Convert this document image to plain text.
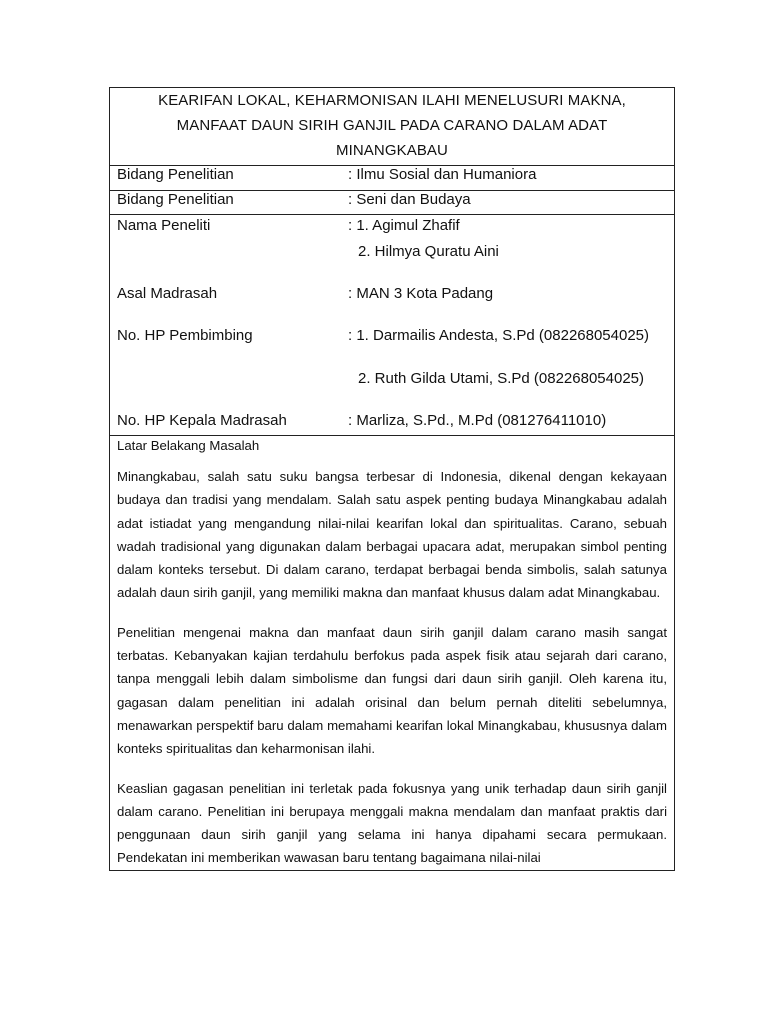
KEARIFAN LOKAL, KEHARMONISAN ILAHI MENELUSURI MAKNA,
MANFAAT DAUN SIRIH GANJIL PADA CARANO DALAM ADAT
MINANGKABAU
Bidang Penelitian	: Ilmu Sosial dan Humaniora
Bidang Penelitian	: Seni dan Budaya
Nama Peneliti	: 1. Agimul Zhafif
2. Hilmya Quratu Aini
Asal Madrasah	: MAN 3 Kota Padang
No. HP Pembimbing	: 1. Darmailis Andesta, S.Pd (082268054025)
2. Ruth Gilda Utami, S.Pd (082268054025)
No. HP Kepala Madrasah	: Marliza, S.Pd., M.Pd (081276411010)
Latar Belakang Masalah

Minangkabau, salah satu suku bangsa terbesar di Indonesia, dikenal dengan kekayaan budaya dan tradisi yang mendalam. Salah satu aspek penting budaya Minangkabau adalah adat istiadat yang mengandung nilai-nilai kearifan lokal dan spiritualitas. Carano, sebuah wadah tradisional yang digunakan dalam berbagai upacara adat, merupakan simbol penting dalam konteks tersebut. Di dalam carano, terdapat berbagai benda simbolis, salah satunya adalah daun sirih ganjil, yang memiliki makna dan manfaat khusus dalam adat Minangkabau.

Penelitian mengenai makna dan manfaat daun sirih ganjil dalam carano masih sangat terbatas. Kebanyakan kajian terdahulu berfokus pada aspek fisik atau sejarah dari carano, tanpa menggali lebih dalam simbolisme dan fungsi dari daun sirih ganjil. Oleh karena itu, gagasan dalam penelitian ini adalah orisinal dan belum pernah diteliti sebelumnya, menawarkan perspektif baru dalam memahami kearifan lokal Minangkabau, khususnya dalam konteks spiritualitas dan keharmonisan ilahi.

Keaslian gagasan penelitian ini terletak pada fokusnya yang unik terhadap daun sirih ganjil dalam carano. Penelitian ini berupaya menggali makna mendalam dan manfaat praktis dari penggunaan daun sirih ganjil yang selama ini hanya dipahami secara permukaan. Pendekatan ini memberikan wawasan baru tentang bagaimana nilai-nilai
